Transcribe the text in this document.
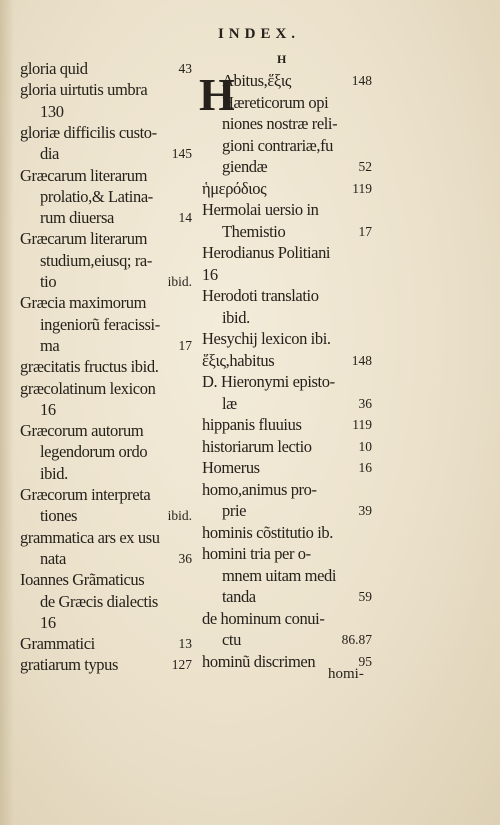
INDEX.
H
H
gloria quid	43
gloria uirtutis umbra
130
gloriæ difficilis custo-
dia	145
Græcarum literarum
prolatio,& Latina-
rum diuersa	14
Græcarum literarum
studium,eiusq; ra-
tio	ibid.
Græcia maximorum
ingeniorũ feracissi-
ma	17
græcitatis fructus ibid.
græcolatinum lexicon
16
Græcorum autorum
legendorum ordo
ibid.
Græcorum interpreta
tiones	ibid.
grammatica ars ex usu
nata	36
Ioannes Grãmaticus
de Græcis dialectis
16
Grammatici	13
gratiarum typus	127
Abitus,ἕξις	148
Hæreticorum opi
niones nostræ reli-
gioni contrariæ,fu
giendæ	52
ἡμερόδιος	119
Hermolai uersio in
Themistio	17
Herodianus Politiani
16
Herodoti translatio
ibid.
Hesychij lexicon ibi.
ἕξις,habitus	148
D. Hieronymi episto-
læ	36
hippanis fluuius	119
historiarum lectio	10
Homerus	16
homo,animus pro-
prie	39
hominis cõstitutio ib.
homini tria per o-
mnem uitam medi
tanda	59
de hominum conui-
ctu	86.87
hominũ discrimen	95
homi-
